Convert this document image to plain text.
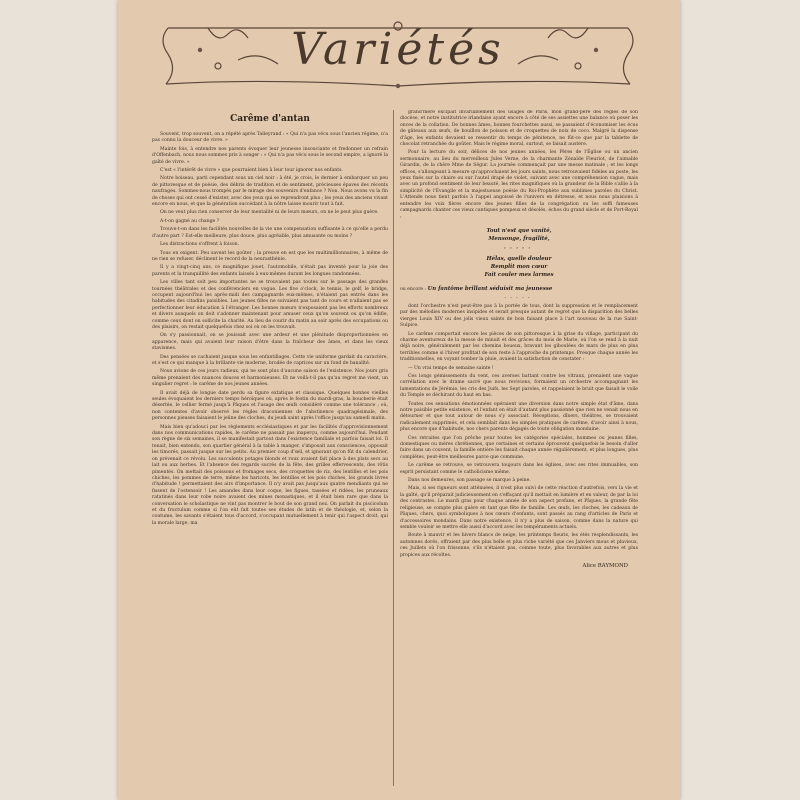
Variétés
Carême d'antan

Souvent, trop souvent, on a répété après Talleyrand : « Qui n'a pas vécu sous l'ancien régime, n'a pas connu la douceur de vivre. »

Mainte fois, à entendre nos parents évoquer leur jeunesse insouciante et fredonner un refrain d'Offenbach, nous nous sommes pris à songer : « Qui n'a pas vécu sous le second empire, a ignoré la gaîté de vivre. »

C'est « l'intérêt de vivre » que pourraient bien à leur tour ignorer nos enfants.

Notre boiseau, parti cependant sous un ciel noir : à été, je crois, le dernier à embarquer un peu de pittoresque et de poésie, des débris de tradition et de sentiment, précieuses épaves des récents naufrages. Sommes-nous trompés par le mirage des souvenirs d'enfance ? Non. Nous avons vu la fin de choses qui ont cessé d'exister, avec des yeux qui se reprendront plus ; les yeux des anciens vivant encore en nous, et que la génération succédant à la nôtre laisse mourir tout à fait.

On ne veut plus rien conserver de leur mentalité ni de leurs mœurs, on ne le peut plus guère.

A-t-on gagné au change ?

Trouve-t-on dans les facilités nouvelles de la vie une compensation suffisante à ce qu'elle a perdu d'autre part ? Est-elle meilleure, plus douce, plus agréable, plus amusante ou moins ?

Les distractions s'offrent à foison.

Tous en exigent. Peu savent les goûter ; la preuve en est que les multimillionnaires, à même de ne rien se refuser, déclinent le record de la neurasthénie.

Il y a vingt-cinq ans, ce magnifique jouet, l'automobile, n'était pas inventé pour la joie des parents et la tranquillité des enfants laissés à eux-mêmes durant les longues randonnées.

Les villes tant soit peu importantes ne se trouvaient pas toutes sur le passage des grandes tournées théâtrales et des conférenciers en vogue. Les five o'clock, le tennis, le golf, le bridge, occupent aujourd'hui les après-midi des campagnards eux-mêmes, n'étaient pas entrés dans les habitudes des citadins paisibles. Les jeunes filles ne suivaient pas tant de cours et n'allaient pas se perfectionner leur éducation à l'étranger. Les bonnes mœurs n'exposaient pas les efforts nombreux et divers auxquels on doit s'adonner maintenant pour amuser ceux qu'on souvent ou qu'on édifie, comme ceux dont on sollicite la charité. Au lieu de courir du matin au soir après des occupations ou des plaisirs, on restait quelquefois chez soi où on les trouvait.

On s'y passionnait, on se jouissait avec une ardeur et une plénitude disproportionnées en apparence, mais qui avaient leur raison d'être dans la fraîcheur des âmes, et dans les vieux stavismes.

Des pensées se cachaient jusque sous les enfantillages. Cette vie uniforme gardait du caractère, et s'est ce qui manque à la brillante vie moderne, brodée de caprices sur un fond de banalité.

Nous avions de ces jours radieux, qui ne sont plus d'aucune saison de l'existence. Nos jours gris même prenaient des nuances douces et harmonieuses. Et ne voilà-t-il pas qu'au regret me vient, un singulier regret : le carême de nos jeunes années.

Il avait déjà de longue date perdu sa figure extatique et classique. Quelques bonnes vieilles seules évoquaient les derniers temps héroïques où, après le festin du mardi-gras, la boucherie était désertée, le cellier fermé jusqu'à Pâques et l'usage des œufs considéré comme une tolérance ; où, non contentes d'avoir observé les règles draconiennes de l'abstinence quadragésimale, des personnes pieuses faisaient le jeûne des cloches, du jeudi saint après l'office jusqu'au samedi matin.

Mais bien qu'adouci par les règlements ecclésiastiques et par les facilités d'approvisionnement dans nos communications rapides, le carême ne passait pas inaperçu, comme aujourd'hui. Pendant son règne de six semaines, il se manifestait partout dans l'existence familiale et parfois faisait loi. Il tenait, bien entendu, son quartier général à la table à manger, s'imposait aux consciences, opposait les timorés, passait jusque sur les petits. Au premier coup d'œil, et ignorant qu'on fût du calendrier, on prévenait ce révolu. Les succulents potages blonds et roux avaient fait place à des plats secs au lait ou aux herbes. Et l'absence des regards sucrés de la fête, des grilles effervescents, des rôtis pimentés. On mettait des poissons et fromages secs, des croquettes de riz, des lentilles et les pois chiches, les pommes de terre, même les haricots, les lentilles et les pois chiches, les grands livres d'habitude ! permettaient des airs d'importance. Il n'y avait pas jusqu'aux quatre mendiants qui ne fissent de l'ostensoir ! Les amandes dans leur coque, les figues, tassées et ridées, les pruneaux ratatinés dans leur robe noire avaient des mines monastiques, et il était bien rare que dans la conversation le scholastique ne vint pas montrer le bout de son grand nez. On parlait du piscicolum et du fructulum comme si l'on eût fait toutes ses études de latin et de théologie, et, selon la coutume, les savants s'étaient tous d'accord, s'occupant mutuellement à tenir qui l'aspect droit, qui la morale large, ma

grand'mère excipait invariablement des usages de Paris, mon grand-père des règles de son diocèse, et notre institutrice irlandaise ayant encore à côté de ses assiettes une balance où poser les onces de la collation. De bonnes âmes, bonnes fourchettes aussi, se passaient d'économiser les écus de gâteaux aux œufs, de bouillon de poisson et de croquettes de noix de coco. Malgré la dispense d'âge, les enfants devaient se ressentir du temps de pénitence, ne fût-ce que par la tablette de chocolat retranchée du goûter. Mais le régime moral, surtout, se faisait austère.

Pour la lecture du soir, délices de nos jeunes années, les Pères de l'Église ou un ancien sermonnaire, au lieu du merveilleux Jules Verne, de la charmante Zénaïde Fleuriot, de l'aimable Girardin, de la chère Mme de Ségur. La journée commençait par une messe matinale ; et les longs offices, s'allongeant à mesure qu'approchaient les jours saints, nous retrouvaient fidèles au poste, les yeux fixés sur la chaire ou sur l'autel drapé de violet, suivant avec une compréhension vague, mais avec un profond sentiment de leur beauté, les rites magnifiques où la grandeur de la Bible s'allie à la simplicité de l'Évangile et la majestueuse poésie du Roi-Prophète aux sublimes paroles du Christ. L'Attende nous tient parfois à l'appel angoissé de l'univers en détresse, et nous nous plaisions à entendre les voix fières encore des jeunes filles de la congrégation ou les soffi fameuses campagnards chanter ces vieux cantiques pompeux et désolés, échos du grand siècle et de Port-Royal :

Tout n'est que vanité,
Mensonge, fragilité,
·····
Hélas, quelle douleur
Remplit mon cœur
Fait couler mes larmes
ou encore : Un fantôme brillant séduisit ma jeunesse
·····

dont l'orchestre n'est peut-être pas à la portée de tous, dont la suppression et le remplacement par des mélodies modernes insipides et serait presque autant de regret que la disparition des belles vierges Louis XIV ou des jolis vieux saints de bois faisant place à l'art nouveau de la rue Saint-Sulpice.

Le carême comportait encore les pièces de son pittoresque à la grise du village, participant du charme aventureux de la messe de minuit et des grâces du mois de Marie, où l'on se rend à la nuit déjà noire, généralement par les chemins boueux, bravant les giboulées de mars de plus en plus terribles comme si l'hiver profitait de son reste à l'approche du printemps. Presque chaque année les traditionnelles, en voyant tomber la pluie, avaient la satisfaction de constater :

— Un vrai temps de semaine sainte !

Ces longs gémissements du vent, ces averses battant contre les vitraux, prenaient une vague corrélation avec le drame sacré que nous revivions, formaient un orchestre accompagnant les lamentations de Jérémie, les cris des Juifs, les Sept paroles, et rappelaient le bruit que faisait le voile du Temple se déchirant du haut en bas.

Toutes ces sensations émotionnées opéraient une diversion dans notre simple état d'âme, dans notre paisible petite existence, et l'enfant en était d'autant plus passionné que rien ne venait nous en détourner et que tout autour de nous s'y associait. Réceptions, dîners, théâtres, se trouvaient radicalement supprimés, et cela semblait dans les simples pratiques de carême, d'avoir ainsi à nous, plus encore que d'habitude, nos chers parents dégagés de toute obligation mondaine.

Ces retraites que l'on prêche pour toutes les catégories spéciales, hommes ou jeunes filles, domestiques ou mères chrétiennes, que certaines et certains éprouvent quelquefois le besoin d'aller faire dans un couvent, la famille entière les faisait chaque année régulièrement, et plus longues, plus complètes, peut-être meilleures parce que commune.

Le carême se retrouve, se retrouvera toujours dans les églises, avec ses rites immuables, son esprit persistant comme le catholicisme même.

Dans nos demeures, son passage se marque à peine.

Mais, si ses rigueurs sont atténuées, il n'est plus suivi de cette réaction d'autrefois, vers la vie et la gaîté, qu'il préparait judicieusement en s'effaçant qu'il mettait en lumière et en valeur, de par la loi des contrastes. Le mardi gras pour chaque année de son aspect profane, et Pâques, la grande fête religieuse, se compte plus guère en tant que fête de famille. Les œufs, les cloches, les cadeaux de Pâques, chers, quoi symboliques à nos cœurs d'enfants, sont passés au rang d'articles de Paris et d'accessoires mondains. Dans notre existence, il n'y a plus de saison, comme dans la nature qui semble vouloir se mettre elle aussi d'accord avec les tempéraments actuels.

Boute à mauvir et les hivers blancs de neige, les printemps fleuris, les étés resplendissants, les automnes dorés, offraient par des plus belle et plus riche variété que ces Janviers mous et pluvieux, ces Juillets où l'on frissonne, s'ils n'étaient pas, comme toute, plus favorables aux autres et plus propices aux récoltes.

Alice RAYMOND
